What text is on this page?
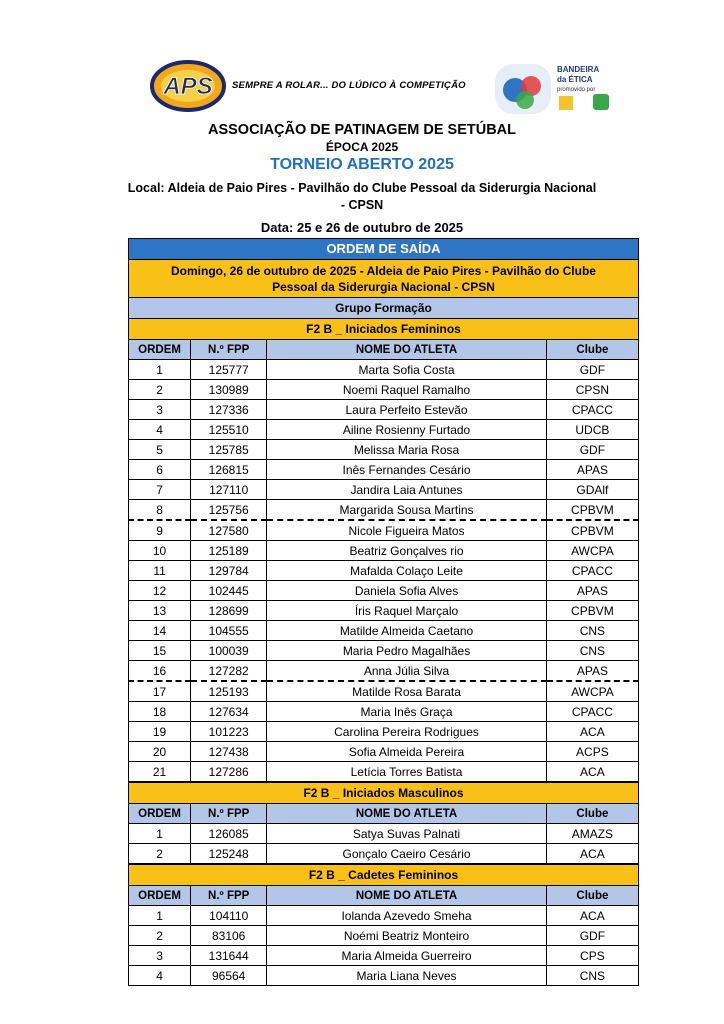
APS SEMPRE A ROLAR... DO LÚDICO À COMPETIÇÃO
BANDEIRA
da ÉTICA
promovido por
ASSOCIAÇÃO DE PATINAGEM DE SETÚBAL
ÉPOCA 2025
TORNEIO ABERTO 2025
Local: Aldeia de Paio Pires - Pavilhão do Clube Pessoal da Siderurgia Nacional
- CPSN
Data: 25 e 26 de outubro de 2025
ORDEM DE SAÍDA
Domingo, 26 de outubro de 2025 - Aldeia de Paio Pires - Pavilhão do Clube
Pessoal da Siderurgia Nacional - CPSN
Grupo Formação
F2 B _ Iniciados Femininos
ORDEM	N.º FPP	NOME DO ATLETA	Clube
1	125777	Marta Sofia Costa	GDF
2	130989	Noemi Raquel Ramalho	CPSN
3	127336	Laura Perfeito Estevão	CPACC
4	125510	Ailine Rosienny Furtado	UDCB
5	125785	Melissa Maria Rosa	GDF
6	126815	Inês Fernandes Cesário	APAS
7	127110	Jandira Laia Antunes	GDAlf
8	125756	Margarida Sousa Martins	CPBVM
9	127580	Nicole Figueira Matos	CPBVM
10	125189	Beatriz Gonçalves rio	AWCPA
11	129784	Mafalda Colaço Leite	CPACC
12	102445	Daniela Sofia Alves	APAS
13	128699	Íris Raquel Marçalo	CPBVM
14	104555	Matilde Almeida Caetano	CNS
15	100039	Maria Pedro Magalhães	CNS
16	127282	Anna Júlia Silva	APAS
17	125193	Matilde Rosa Barata	AWCPA
18	127634	Maria Inês Graça	CPACC
19	101223	Carolina Pereira Rodrigues	ACA
20	127438	Sofia Almeida Pereira	ACPS
21	127286	Letícia Torres Batista	ACA
F2 B _ Iniciados Masculinos
ORDEM	N.º FPP	NOME DO ATLETA	Clube
1	126085	Satya Suvas Palnati	AMAZS
2	125248	Gonçalo Caeiro Cesário	ACA
F2 B _ Cadetes Femininos
ORDEM	N.º FPP	NOME DO ATLETA	Clube
1	104110	Iolanda Azevedo Smeha	ACA
2	83106	Noémi Beatriz Monteiro	GDF
3	131644	Maria Almeida Guerreiro	CPS
4	96564	Maria Liana Neves	CNS
